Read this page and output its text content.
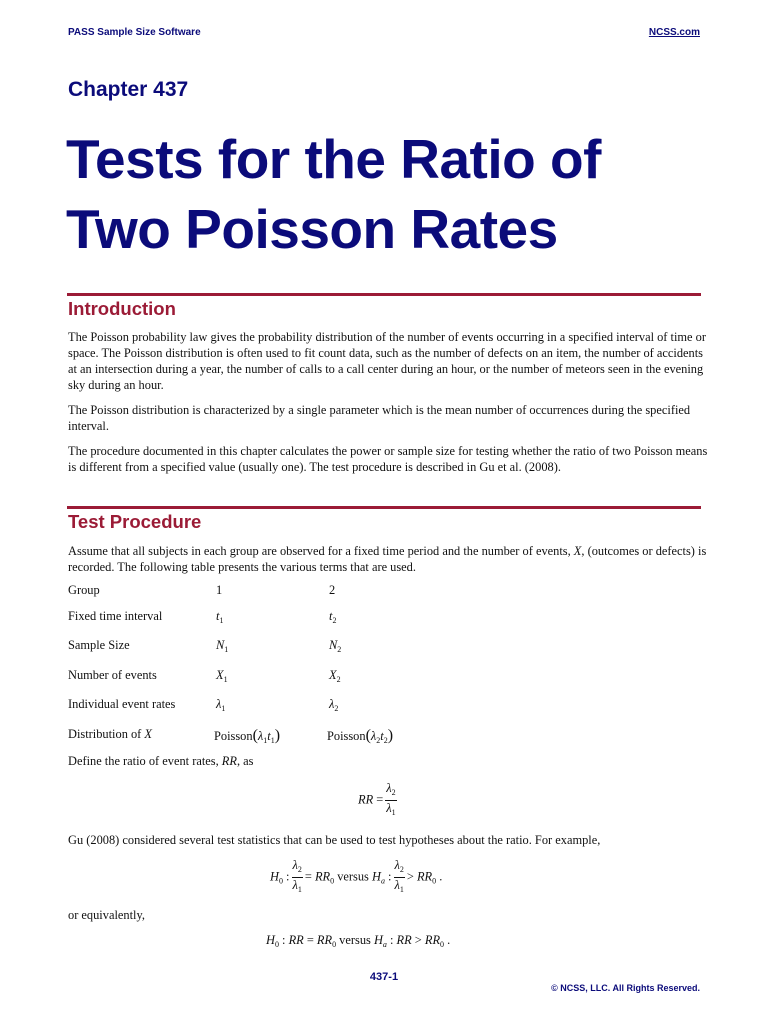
PASS Sample Size Software	NCSS.com
Chapter 437
Tests for the Ratio of
Two Poisson Rates
Introduction
The Poisson probability law gives the probability distribution of the number of events occurring in a specified interval of time or space. The Poisson distribution is often used to fit count data, such as the number of defects on an item, the number of accidents at an intersection during a year, the number of calls to a call center during an hour, or the number of meteors seen in the evening sky during an hour.
The Poisson distribution is characterized by a single parameter which is the mean number of occurrences during the specified interval.
The procedure documented in this chapter calculates the power or sample size for testing whether the ratio of two Poisson means is different from a specified value (usually one). The test procedure is described in Gu et al. (2008).
Test Procedure
Assume that all subjects in each group are observed for a fixed time period and the number of events, X, (outcomes or defects) is recorded. The following table presents the various terms that are used.
Group	1	2
Fixed time interval	$t_1$	$t_2$
Sample Size	$N_1$	$N_2$
Number of events	$X_1$	$X_2$
Individual event rates	$\lambda_1$	$\lambda_2$
Distribution of X	$Poisson(\lambda_1t_1)$	$Poisson(\lambda_2t_2)$
Define the ratio of event rates, RR, as
RR = $\frac{\lambda_2}{\lambda_1}$
Gu (2008) considered several test statistics that can be used to test hypotheses about the ratio. For example,
$H_0$ : $\frac{\lambda_2}{\lambda_1} = RR_0$ versus $H_a$ : $\frac{\lambda_2}{\lambda_1} > RR_0$ .
or equivalently,
$H_0$ : RR = $RR_0$ versus $H_a$ : RR > $RR_0$ .
437-1
© NCSS, LLC. All Rights Reserved.
